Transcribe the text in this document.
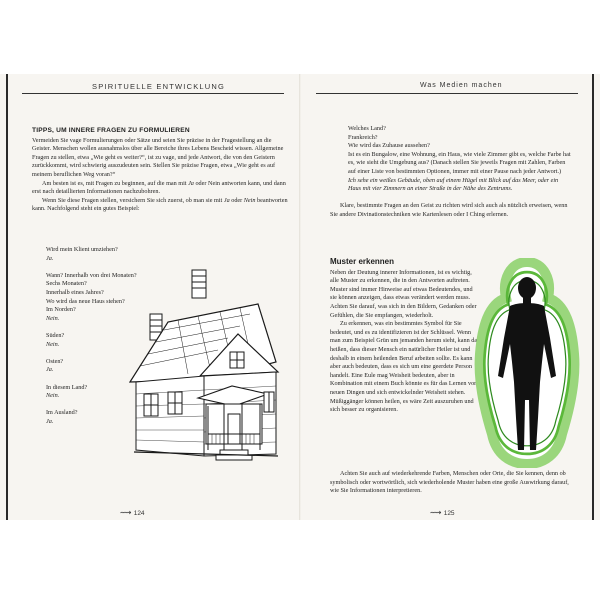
SPIRITUELLE ENTWICKLUNG	Was Medien machen
TIPPS, UM INNERE FRAGEN ZU FORMULIEREN

Vermeiden Sie vage Formulierungen oder Sätze und seien Sie präzise in der Fragestellung an die Geister. Menschen wollen ausnahmslos über alle Bereiche ihres Lebens Bescheid wissen. Allgemeine Fragen zu stellen, etwa „Wie geht es weiter?“, ist zu vage, und jede Antwort, die von den Geistern zurückkommt, wird schwierig auszudeuten sein. Stellen Sie präzise Fragen, etwa „Wie geht es auf meinem beruflichen Weg voran?“

Am besten ist es, mit Fragen zu beginnen, auf die man mit Ja oder Nein antworten kann, und dann erst nach detaillierten Informationen nachzubohren.

Wenn Sie diese Fragen stellen, versichern Sie sich zuerst, ob man sie mit Ja oder Nein beantworten kann. Nachfolgend steht ein gutes Beispiel:

Wird mein Klient umziehen?

Ja.

Wann? Innerhalb von drei Monaten?

Sechs Monaten?

Innerhalb eines Jahres?

Wo wird das neue Haus stehen?

Im Norden?

Nein.

Süden?

Nein.

Osten?

Ja.

In diesem Land?

Nein.

Im Ausland?

Ja.

⟿ 124

Welches Land?

Frankreich?

Wie wird das Zuhause aussehen?

Ist es ein Bungalow, eine Wohnung, ein Haus, wie viele Zimmer gibt es, welche Farbe hat es, wie sieht die Umgebung aus? (Danach stellen Sie jeweils Fragen mit Zahlen, Farben auf einer Liste von bestimmten Optionen, immer mit einer Pause nach jeder Antwort.)

Ich sehe ein weißes Gebäude, oben auf einem Hügel mit Blick auf das Meer, oder ein Haus mit vier Zimmern an einer Straße in der Nähe des Zentrums.

Klare, bestimmte Fragen an den Geist zu richten wird sich auch als nützlich erweisen, wenn Sie andere Divinationstechniken wie Kartenlesen oder I Ching erlernen.

Muster erkennen

Neben der Deutung innerer Informationen, ist es wichtig, alle Muster zu erkennen, die in den Antworten auftreten. Muster sind immer Hinweise auf etwas Bedeutendes, und sie können anzeigen, dass etwas verändert werden muss. Achten Sie darauf, was sich in den Bildern, Gedanken oder Gefühlen, die Sie empfangen, wiederholt.

Zu erkennen, was ein bestimmtes Symbol für Sie bedeutet, und es zu identifizieren ist der Schlüssel. Wenn man zum Beispiel Grün um jemanden herum sieht, kann das heißen, dass dieser Mensch ein natürlicher Heiler ist und deshalb in einem heilenden Beruf arbeiten sollte. Es kann aber auch bedeuten, dass es sich um eine geerdete Person handelt. Eine Eule mag Weisheit bedeuten, aber in Kombination mit einem Buch könnte es für das Lernen von neuen Dingen und sich entwickelnder Weisheit stehen. Müßiggänger können heilen, es wäre Zeit auszuruhen und sich besser zu organisieren.

Achten Sie auch auf wiederkehrende Farben, Menschen oder Orte, die Sie kennen, denn ob symbolisch oder wortwörtlich, sich wiederholende Muster haben eine große Auswirkung darauf, wie Sie Informationen interpretieren.

⟿ 125
